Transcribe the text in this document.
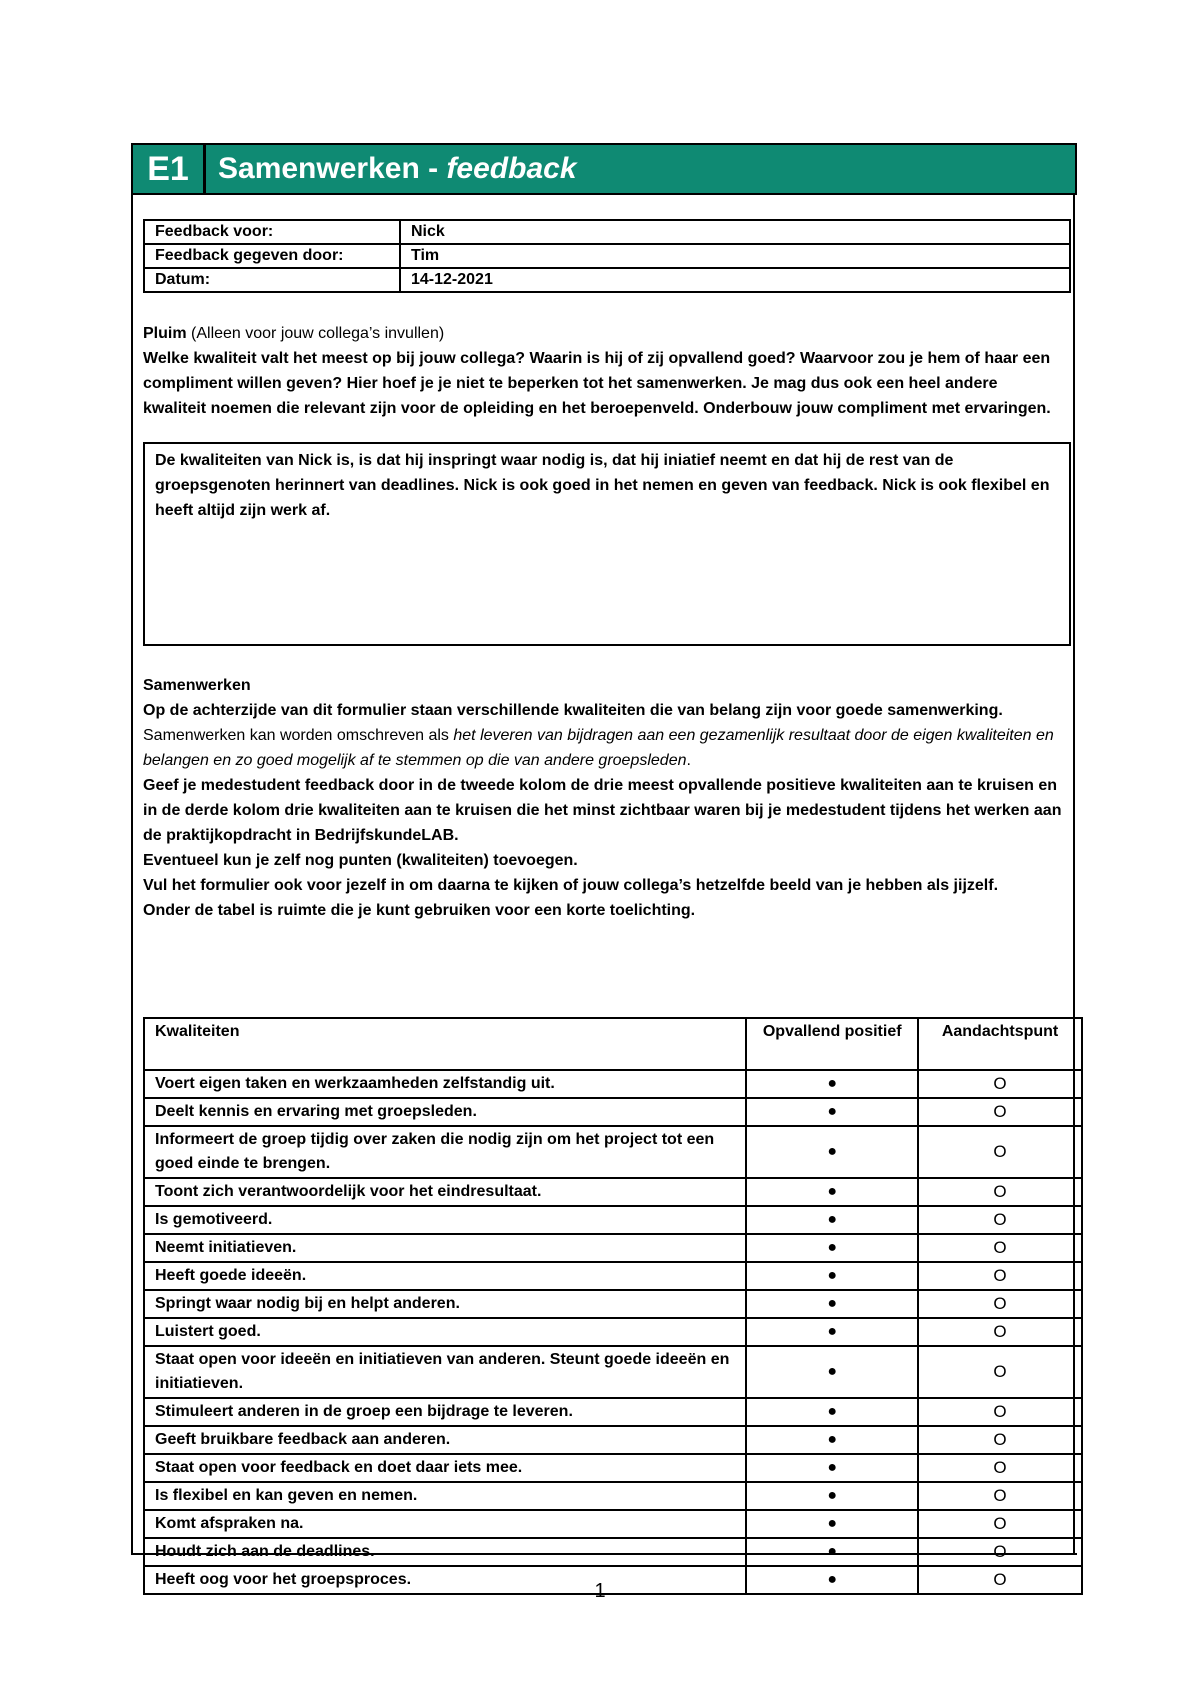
E1 Samenwerken - feedback
Feedback voor:	Nick
Feedback gegeven door:	Tim
Datum:	14-12-2021
Pluim (Alleen voor jouw collega’s invullen)
Welke kwaliteit valt het meest op bij jouw collega? Waarin is hij of zij opvallend goed? Waarvoor zou je hem of haar een compliment willen geven? Hier hoef je je niet te beperken tot het samenwerken. Je mag dus ook een heel andere kwaliteit noemen die relevant zijn voor de opleiding en het beroepenveld. Onderbouw jouw compliment met ervaringen.
De kwaliteiten van Nick is, is dat hij inspringt waar nodig is, dat hij iniatief neemt en dat hij de rest van de groepsgenoten herinnert van deadlines. Nick is ook goed in het nemen en geven van feedback. Nick is ook flexibel en heeft altijd zijn werk af.
Samenwerken
Op de achterzijde van dit formulier staan verschillende kwaliteiten die van belang zijn voor goede samenwerking. Samenwerken kan worden omschreven als het leveren van bijdragen aan een gezamenlijk resultaat door de eigen kwaliteiten en belangen en zo goed mogelijk af te stemmen op die van andere groepsleden.
Geef je medestudent feedback door in de tweede kolom de drie meest opvallende positieve kwaliteiten aan te kruisen en in de derde kolom drie kwaliteiten aan te kruisen die het minst zichtbaar waren bij je medestudent tijdens het werken aan de praktijkopdracht in BedrijfskundeLAB.
Eventueel kun je zelf nog punten (kwaliteiten) toevoegen.
Vul het formulier ook voor jezelf in om daarna te kijken of jouw collega’s hetzelfde beeld van je hebben als jijzelf.
Onder de tabel is ruimte die je kunt gebruiken voor een korte toelichting.
Kwaliteiten	Opvallend positief	Aandachtspunt
Voert eigen taken en werkzaamheden zelfstandig uit.	●	O
Deelt kennis en ervaring met groepsleden.	●	O
Informeert de groep tijdig over zaken die nodig zijn om het project tot een goed einde te brengen.	●	O
Toont zich verantwoordelijk voor het eindresultaat.	●	O
Is gemotiveerd.	●	O
Neemt initiatieven.	●	O
Heeft goede ideeën.	●	O
Springt waar nodig bij en helpt anderen.	●	O
Luistert goed.	●	O
Staat open voor ideeën en initiatieven van anderen. Steunt goede ideeën en initiatieven.	●	O
Stimuleert anderen in de groep een bijdrage te leveren.	●	O
Geeft bruikbare feedback aan anderen.	●	O
Staat open voor feedback en doet daar iets mee.	●	O
Is flexibel en kan geven en nemen.	●	O
Komt afspraken na.	●	O
Houdt zich aan de deadlines.	●	O
Heeft oog voor het groepsproces.	●	O
1
